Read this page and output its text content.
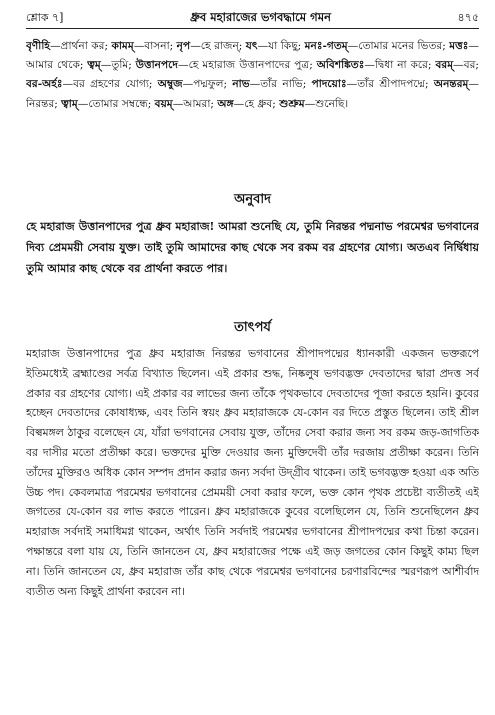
শ্লোক ৭]	ধ্রুব মহারাজের ভগবদ্ধামে গমন	৪৭৫
বৃণীহি—প্রার্থনা কর; কামম্—বাসনা; নৃপ—হে রাজন্; যৎ—যা কিছু; মনঃ-গতম্—তোমার মনের ভিতর; মত্তঃ—আমার থেকে; ত্বম্—তুমি; উত্তানপদে—হে মহারাজ উত্তানপাদের পুত্র; অবিশঙ্কিতঃ—দ্বিধা না করে; বরম্—বর; বর-অর্হঃ—বর গ্রহণের যোগ্য; অম্বুজ—পদ্মফুল; নাভ—তাঁর নাভি; পাদয়োঃ—তাঁর শ্রীপাদপদ্মে; অনন্তরম্—নিরন্তর; ত্বাম্—তোমার সম্বন্ধে; বয়ম্—আমরা; অঙ্গ—হে ধ্রুব; শুশ্রুম—শুনেছি।
অনুবাদ
হে মহারাজ উত্তানপাদের পুত্র ধ্রুব মহারাজ! আমরা শুনেছি যে, তুমি নিরন্তর পদ্মনাভ পরমেশ্বর ভগবানের দিব্য প্রেমময়ী সেবায় যুক্ত। তাই তুমি আমাদের কাছ থেকে সব রকম বর গ্রহণের যোগ্য। অতএব নির্দ্বিধায় তুমি আমার কাছ থেকে বর প্রার্থনা করতে পার।
তাৎপর্য
মহারাজ উত্তানপাদের পুত্র ধ্রুব মহারাজ নিরন্তর ভগবানের শ্রীপাদপদ্মের ধ্যানকারী একজন ভক্তরূপে ইতিমধ্যেই ব্রহ্মাণ্ডের সর্বত্র বিখ্যাত ছিলেন। এই প্রকার শুদ্ধ, নিষ্কলুষ ভগবদ্ভক্ত দেবতাদের দ্বারা প্রদত্ত সর্ব প্রকার বর গ্রহণের যোগ্য। এই প্রকার বর লাভের জন্য তাঁকে পৃথকভাবে দেবতাদের পূজা করতে হয়নি। কুবের হচ্ছেন দেবতাদের কোষাধ্যক্ষ, এবং তিনি স্বয়ং ধ্রুব মহারাজকে যে-কোন বর দিতে প্রস্তুত ছিলেন। তাই শ্রীল বিল্বমঙ্গল ঠাকুর বলেছেন যে, যাঁরা ভগবানের সেবায় যুক্ত, তাঁদের সেবা করার জন্য সব রকম জড়-জাগতিক বর দাসীর মতো প্রতীক্ষা করে। ভক্তদের মুক্তি দেওয়ার জন্য মুক্তিদেবী তাঁর দরজায় প্রতীক্ষা করেন। তিনি তাঁদের মুক্তিরও অধিক কোন সম্পদ প্রদান করার জন্য সর্বদা উদ্গ্রীব থাকেন। তাই ভগবদ্ভক্ত হওয়া এক অতি উচ্চ পদ। কেবলমাত্র পরমেশ্বর ভগবানের প্রেমময়ী সেবা করার ফলে, ভক্ত কোন পৃথক প্রচেষ্টা ব্যতীতই এই জগতের যে-কোন বর লাভ করতে পারেন। ধ্রুব মহারাজকে কুবের বলেছিলেন যে, তিনি শুনেছিলেন ধ্রুব মহারাজ সর্বদাই সমাধিমগ্ন থাকেন, অর্থাৎ তিনি সর্বদাই পরমেশ্বর ভগবানের শ্রীপাদপদ্মের কথা চিন্তা করেন। পক্ষান্তরে বলা যায় যে, তিনি জানতেন যে, ধ্রুব মহারাজের পক্ষে এই জড় জগতের কোন কিছুই কাম্য ছিল না। তিনি জানতেন যে, ধ্রুব মহারাজ তাঁর কাছ থেকে পরমেশ্বর ভগবানের চরণারবিন্দের স্মরণরূপ আশীর্বাদ ব্যতীত অন্য কিছুই প্রার্থনা করবেন না।
